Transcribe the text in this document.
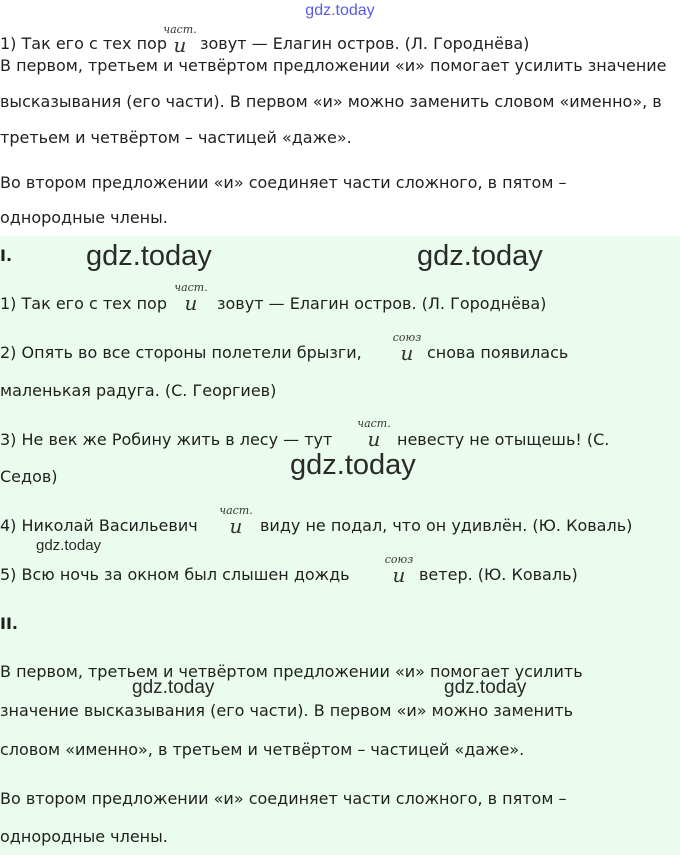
gdz.today
1) Так его с тех пор зовут — Елагин остров. (Л. Городнёва)
част.
и
В первом, третьем и четвёртом предложении «и» помогает усилить значение
высказывания (его части). В первом «и» можно заменить словом «именно», в
третьем и четвёртом – частицей «даже».
Во втором предложении «и» соединяет части сложного, в пятом –
однородные члены.
gdz.today	gdz.today
gdz.today
gdz.today
gdz.today	gdz.today
I.
1) Так его с тех пор
част.
и	зовут — Елагин остров. (Л. Городнёва)
2) Опять во все стороны полетели брызги,
союз
и снова появилась
маленькая радуга. (С. Георгиев)
3) Не век же Робину жить в лесу — тут
част.
и	невесту не отыщешь! (С.
Седов)
4) Николай Васильевич
част.
и	виду не подал, что он удивлён. (Ю. Коваль)
5) Всю ночь за окном был слышен дождь
союз
и ветер. (Ю. Коваль)
II.
В первом, третьем и четвёртом предложении «и» помогает усилить
значение высказывания (его части). В первом «и» можно заменить
словом «именно», в третьем и четвёртом – частицей «даже».
Во втором предложении «и» соединяет части сложного, в пятом –
однородные члены.
